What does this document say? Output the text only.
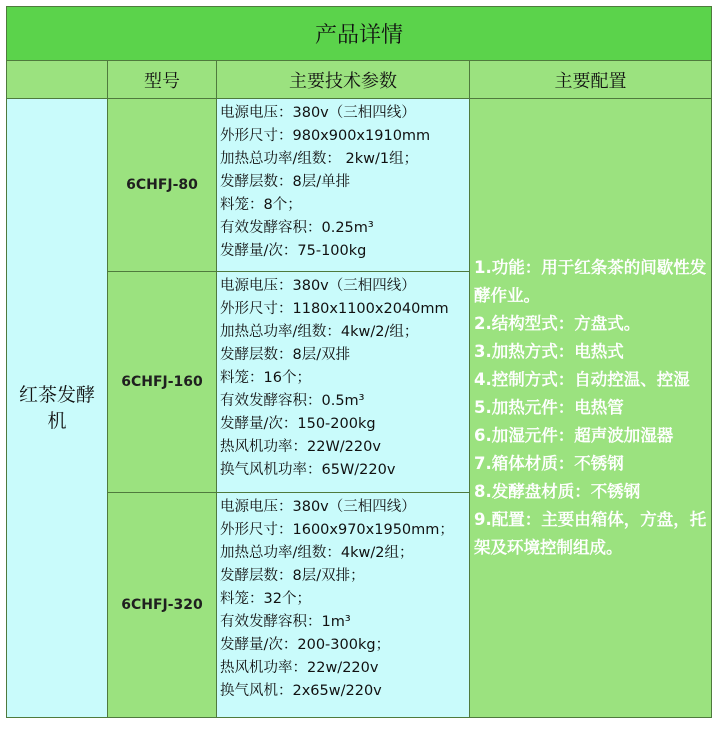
产品详情
型号	主要技术参数	主要配置
红茶发酵机
6CHFJ-80
6CHFJ-160
6CHFJ-320
电源电压：380v（三相四线）
外形尺寸：980x900x1910mm
加热总功率/组数： 2kw/1组；
发酵层数：8层/单排
料笼：8个；
有效发酵容积：0.25m³
发酵量/次：75-100kg
电源电压：380v（三相四线）
外形尺寸：1180x1100x2040mm
加热总功率/组数：4kw/2/组；
发酵层数：8层/双排
料笼：16个；
有效发酵容积：0.5m³
发酵量/次：150-200kg
热风机功率：22W/220v
换气风机功率：65W/220v
电源电压：380v（三相四线）
外形尺寸：1600x970x1950mm；
加热总功率/组数：4kw/2组；
发酵层数：8层/双排；
料笼：32个；
有效发酵容积：1m³
发酵量/次：200-300kg；
热风机功率：22w/220v
换气风机：2x65w/220v
1.功能：用于红条茶的间歇性发酵作业。
2.结构型式：方盘式。
3.加热方式：电热式
4.控制方式：自动控温、控湿
5.加热元件：电热管
6.加湿元件：超声波加湿器
7.箱体材质：不锈钢
8.发酵盘材质：不锈钢
9.配置：主要由箱体，方盘，托架及环境控制组成。
